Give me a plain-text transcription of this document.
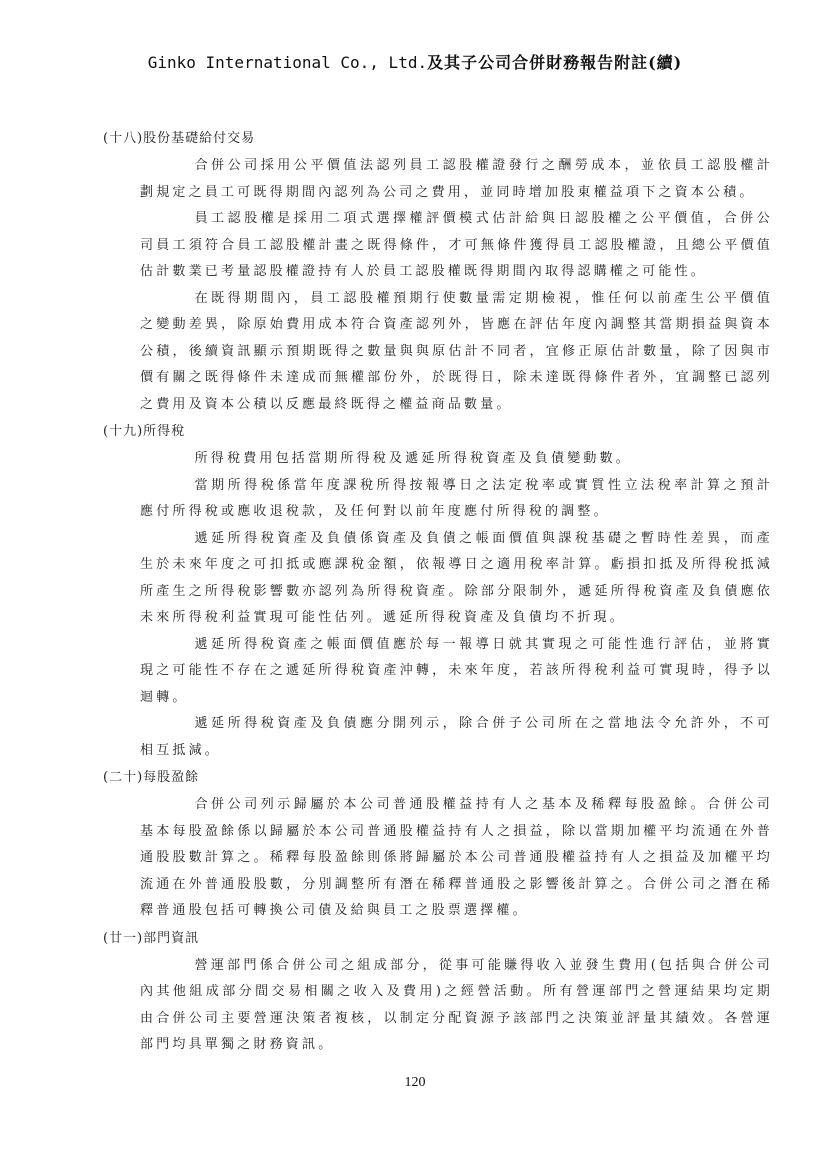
Ginko International Co., Ltd.及其子公司合併財務報告附註(續)
(十八)股份基礎給付交易

合併公司採用公平價值法認列員工認股權證發行之酬勞成本，並依員工認股權計劃規定之員工可既得期間內認列為公司之費用，並同時增加股東權益項下之資本公積。

員工認股權是採用二項式選擇權評價模式估計給與日認股權之公平價值，合併公司員工須符合員工認股權計畫之既得條件，才可無條件獲得員工認股權證，且總公平價值估計數業已考量認股權證持有人於員工認股權既得期間內取得認購權之可能性。

在既得期間內，員工認股權預期行使數量需定期檢視，惟任何以前產生公平價值之變動差異，除原始費用成本符合資產認列外，皆應在評估年度內調整其當期損益與資本公積，後續資訊顯示預期既得之數量與與原估計不同者，宜修正原估計數量，除了因與市價有關之既得條件未達成而無權部份外，於既得日，除未達既得條件者外，宜調整已認列之費用及資本公積以反應最終既得之權益商品數量。

(十九)所得稅

所得稅費用包括當期所得稅及遞延所得稅資產及負債變動數。

當期所得稅係當年度課稅所得按報導日之法定稅率或實質性立法稅率計算之預計應付所得稅或應收退稅款，及任何對以前年度應付所得稅的調整。

遞延所得稅資產及負債係資產及負債之帳面價值與課稅基礎之暫時性差異，而產生於未來年度之可扣抵或應課稅金額，依報導日之適用稅率計算。虧損扣抵及所得稅抵減所產生之所得稅影響數亦認列為所得稅資產。除部分限制外，遞延所得稅資產及負債應依未來所得稅利益實現可能性估列。遞延所得稅資產及負債均不折現。

遞延所得稅資產之帳面價值應於每一報導日就其實現之可能性進行評估，並將實現之可能性不存在之遞延所得稅資產沖轉，未來年度，若該所得稅利益可實現時，得予以迴轉。

遞延所得稅資產及負債應分開列示，除合併子公司所在之當地法令允許外，不可相互抵減。

(二十)每股盈餘

合併公司列示歸屬於本公司普通股權益持有人之基本及稀釋每股盈餘。合併公司基本每股盈餘係以歸屬於本公司普通股權益持有人之損益，除以當期加權平均流通在外普通股股數計算之。稀釋每股盈餘則係將歸屬於本公司普通股權益持有人之損益及加權平均流通在外普通股股數，分別調整所有潛在稀釋普通股之影響後計算之。合併公司之潛在稀釋普通股包括可轉換公司債及給與員工之股票選擇權。

(廿一)部門資訊

營運部門係合併公司之組成部分，從事可能賺得收入並發生費用(包括與合併公司內其他組成部分間交易相關之收入及費用)之經營活動。所有營運部門之營運結果均定期由合併公司主要營運決策者複核，以制定分配資源予該部門之決策並評量其績效。各營運部門均具單獨之財務資訊。

120
